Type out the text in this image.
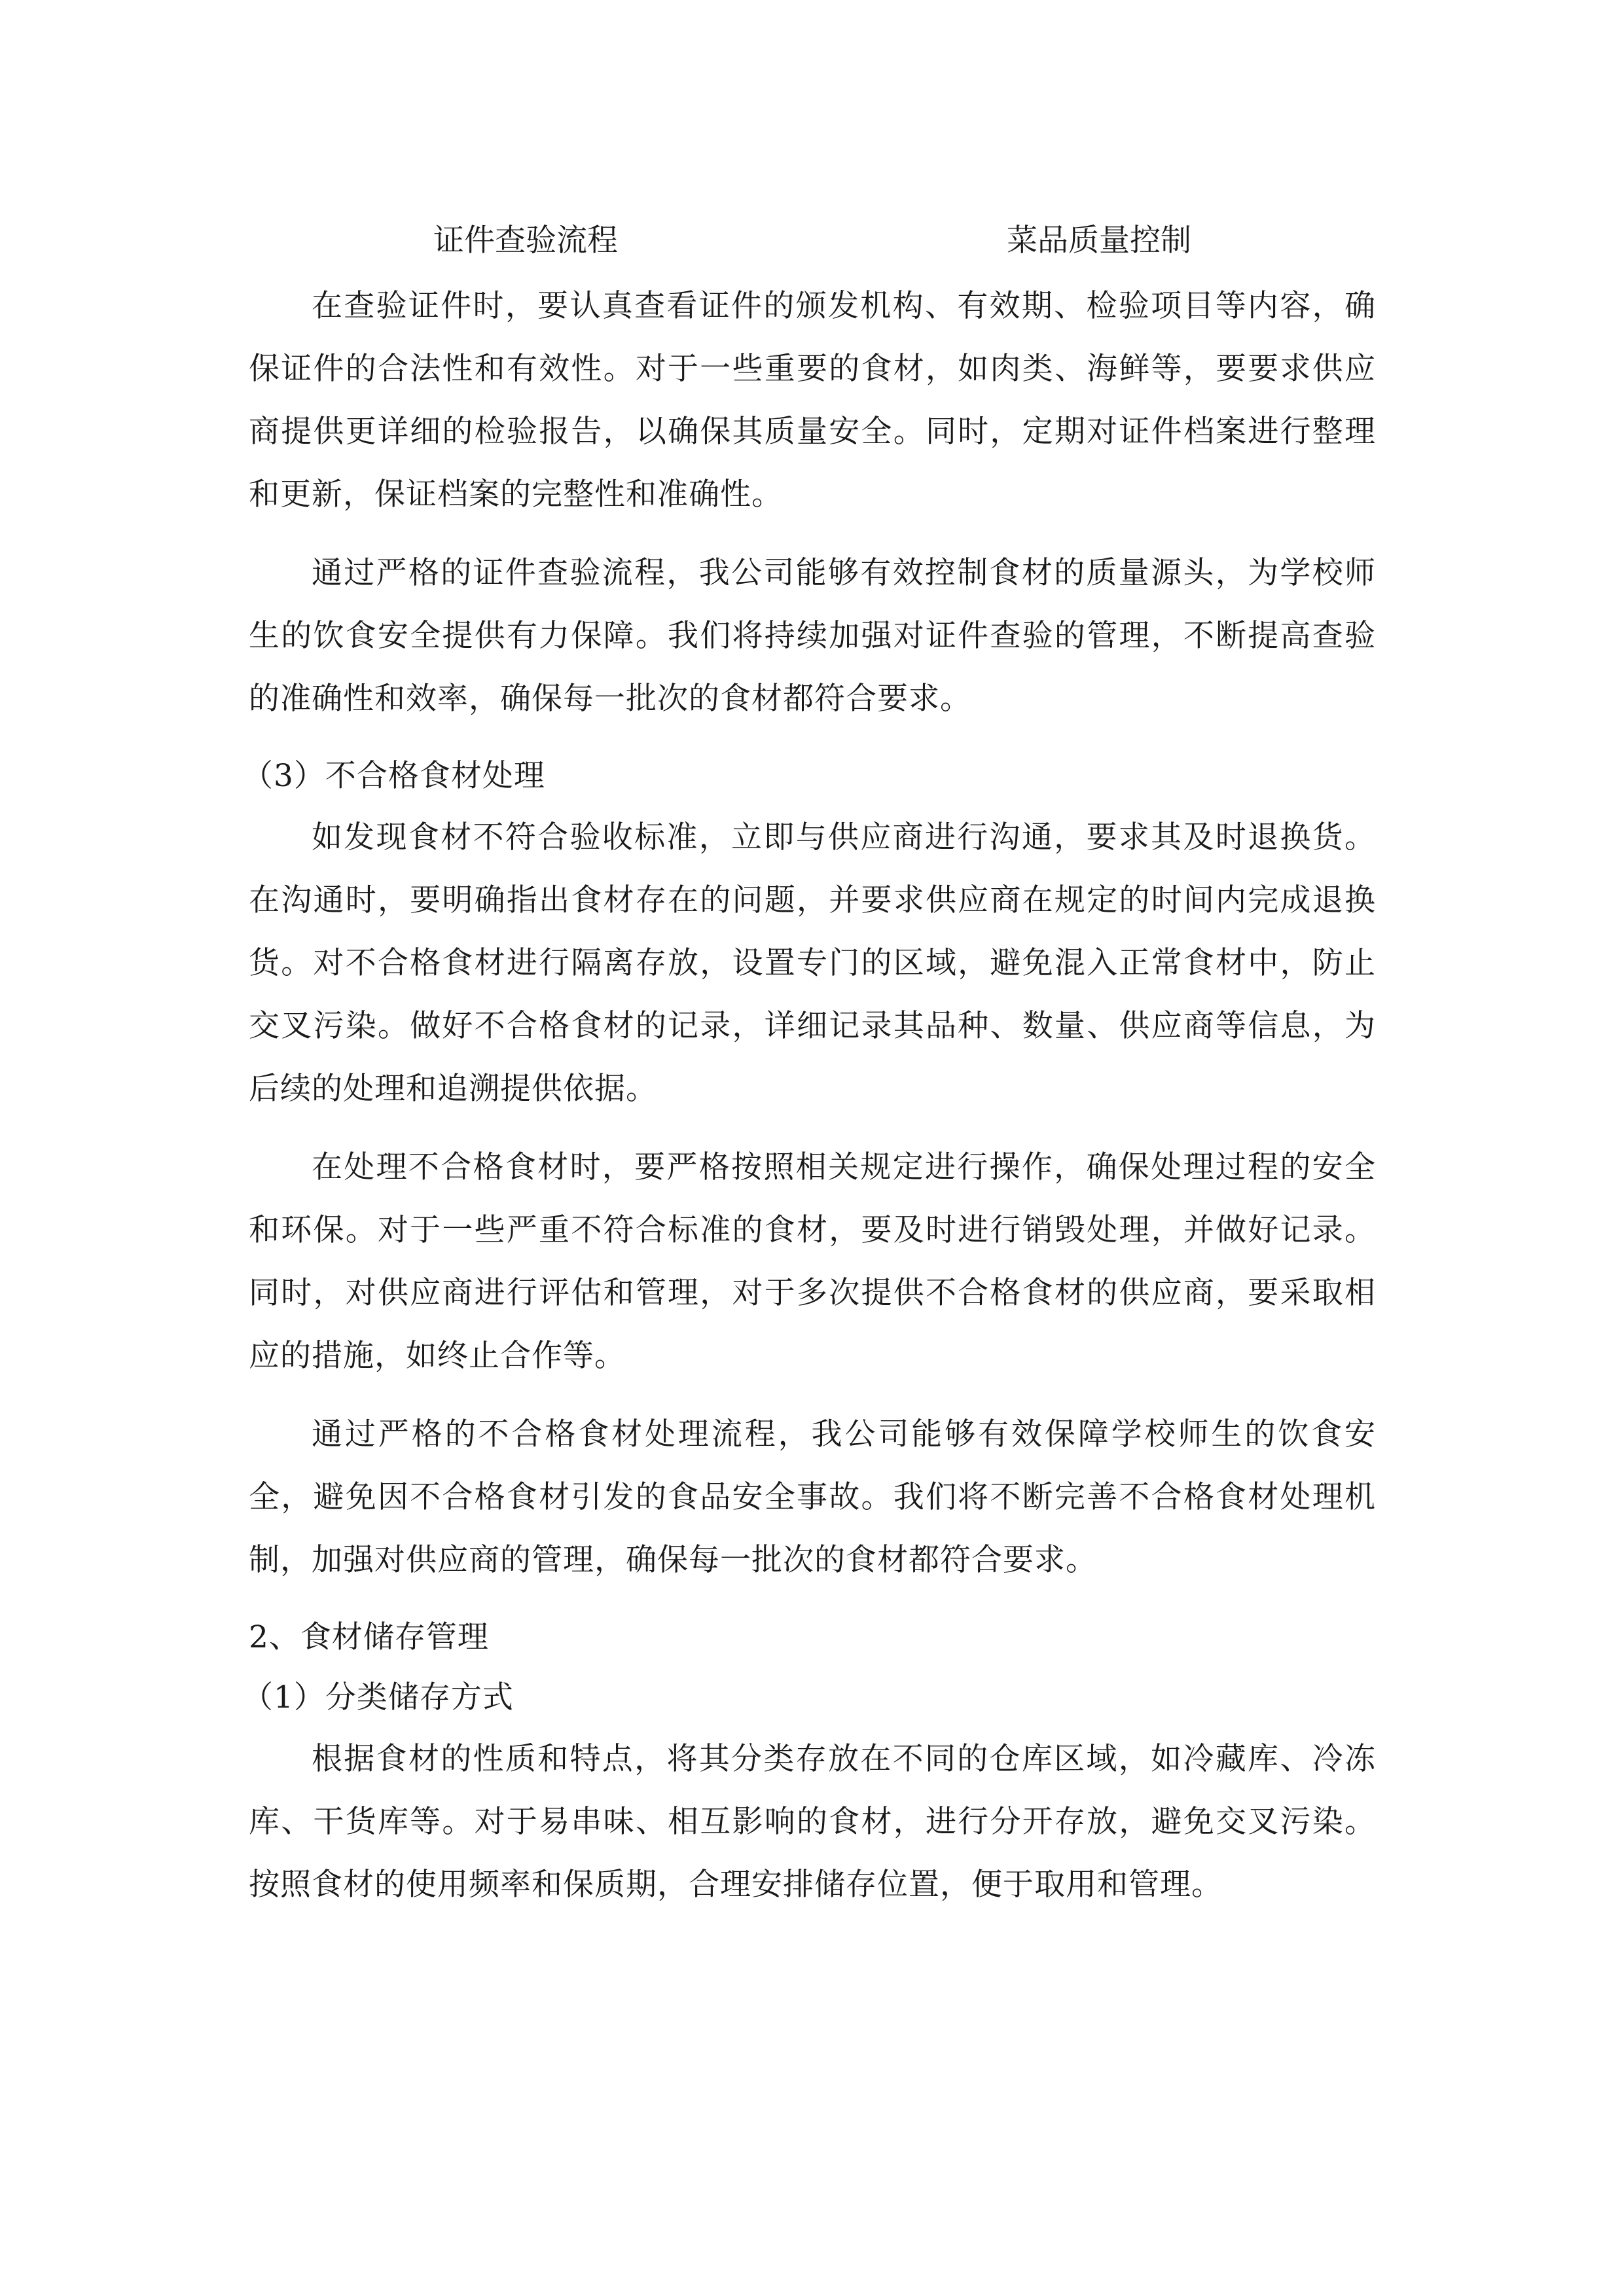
证件查验流程	菜品质量控制

在查验证件时，要认真查看证件的颁发机构、有效期、检验项目等内容，确保证件的合法性和有效性。对于一些重要的食材，如肉类、海鲜等，要要求供应商提供更详细的检验报告，以确保其质量安全。同时，定期对证件档案进行整理和更新，保证档案的完整性和准确性。

通过严格的证件查验流程，我公司能够有效控制食材的质量源头，为学校师生的饮食安全提供有力保障。我们将持续加强对证件查验的管理，不断提高查验的准确性和效率，确保每一批次的食材都符合要求。

（3）不合格食材处理

如发现食材不符合验收标准，立即与供应商进行沟通，要求其及时退换货。在沟通时，要明确指出食材存在的问题，并要求供应商在规定的时间内完成退换货。对不合格食材进行隔离存放，设置专门的区域，避免混入正常食材中，防止交叉污染。做好不合格食材的记录，详细记录其品种、数量、供应商等信息，为后续的处理和追溯提供依据。

在处理不合格食材时，要严格按照相关规定进行操作，确保处理过程的安全和环保。对于一些严重不符合标准的食材，要及时进行销毁处理，并做好记录。同时，对供应商进行评估和管理，对于多次提供不合格食材的供应商，要采取相应的措施，如终止合作等。

通过严格的不合格食材处理流程，我公司能够有效保障学校师生的饮食安全，避免因不合格食材引发的食品安全事故。我们将不断完善不合格食材处理机制，加强对供应商的管理，确保每一批次的食材都符合要求。

2、食材储存管理

（1）分类储存方式

根据食材的性质和特点，将其分类存放在不同的仓库区域，如冷藏库、冷冻库、干货库等。对于易串味、相互影响的食材，进行分开存放，避免交叉污染。按照食材的使用频率和保质期，合理安排储存位置，便于取用和管理。
